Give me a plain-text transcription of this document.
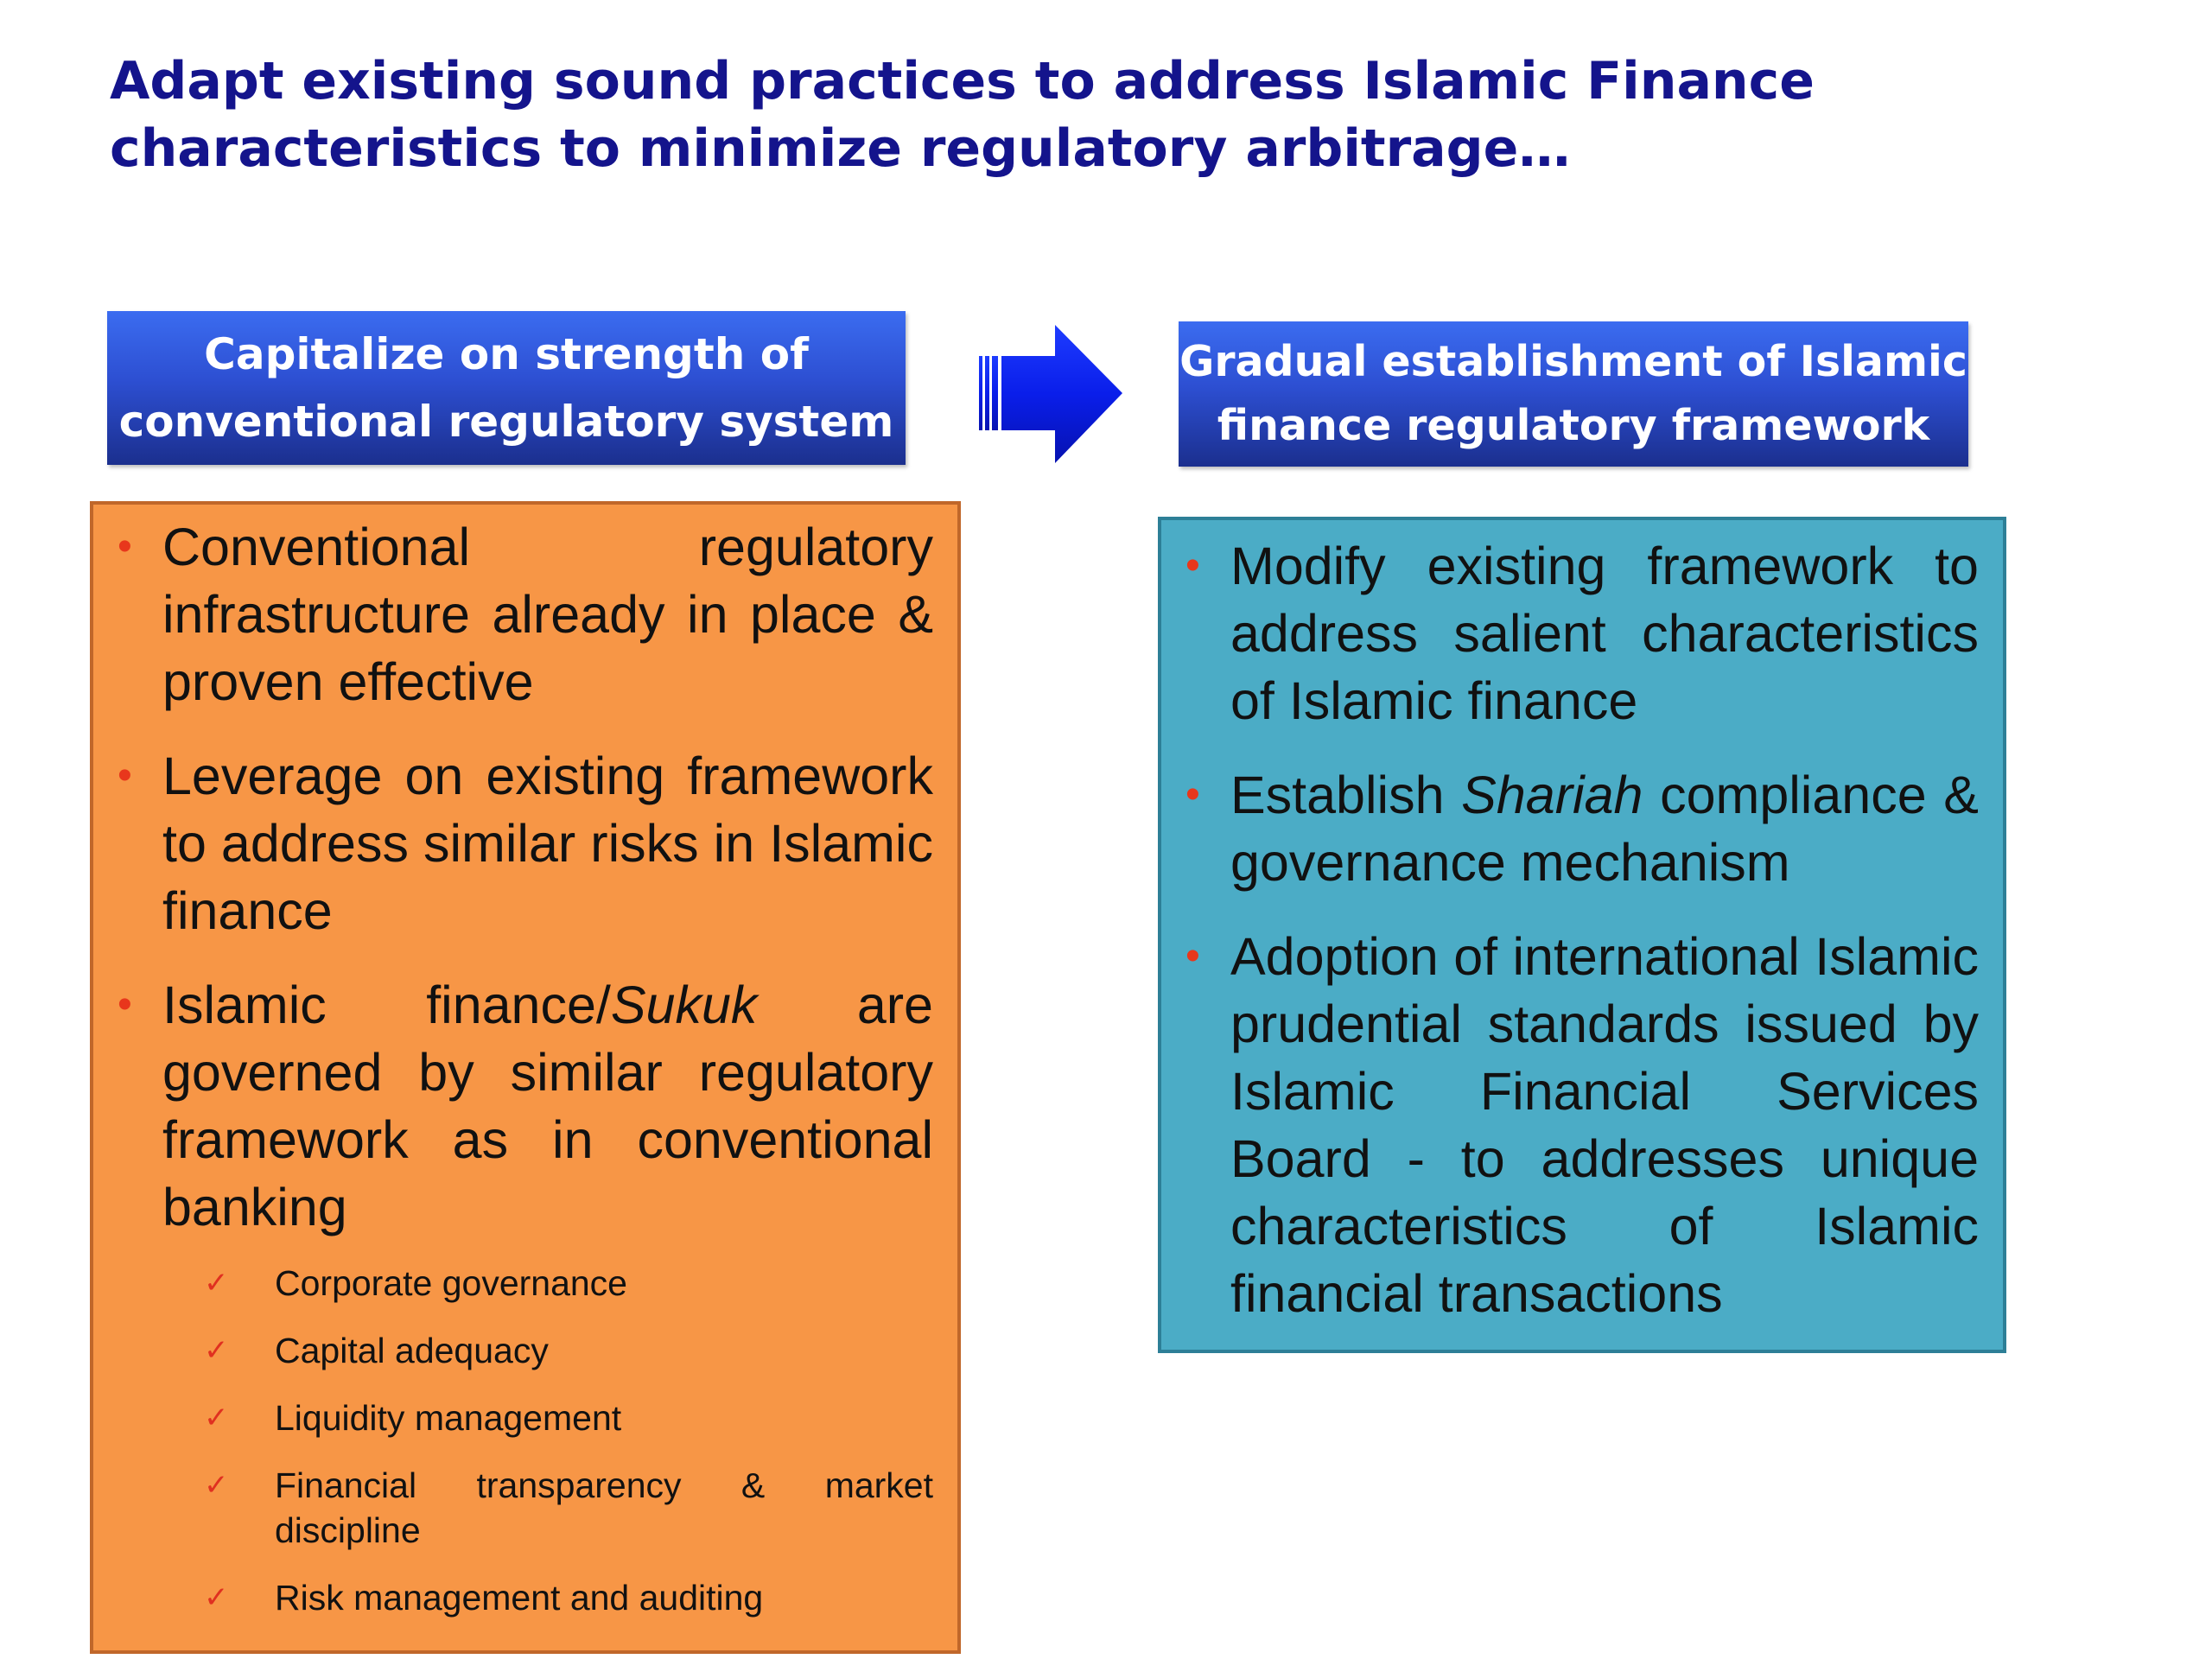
Adapt existing sound practices to address Islamic Finance
characteristics to minimize regulatory arbitrage…
Capitalize on strength of
conventional regulatory system
Gradual establishment of Islamic
finance regulatory framework
• Conventional regulatory infrastructure already in place & proven effective
• Leverage on existing framework to address similar risks in Islamic finance
• Islamic finance/Sukuk are governed by similar regulatory framework as in conventional banking
✓ Corporate governance
✓ Capital adequacy
✓ Liquidity management
✓ Financial transparency & market discipline
✓ Risk management and auditing
• Modify existing framework to address salient characteristics of Islamic finance
• Establish Shariah compliance & governance mechanism
• Adoption of international Islamic prudential standards issued by Islamic Financial Services Board - to addresses unique characteristics of Islamic financial transactions
